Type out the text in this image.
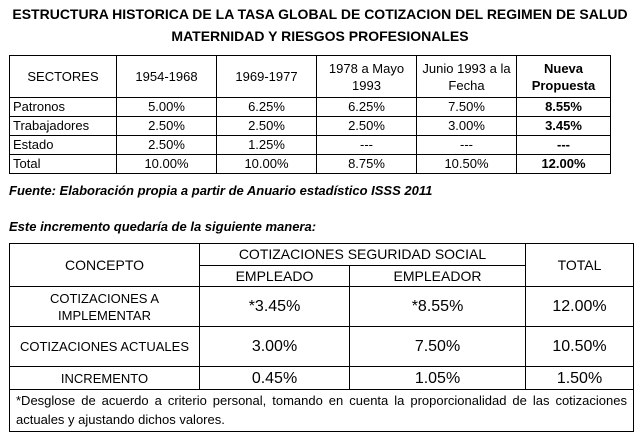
ESTRUCTURA HISTORICA DE LA TASA GLOBAL DE COTIZACION DEL REGIMEN DE SALUD
MATERNIDAD Y RIESGOS PROFESIONALES
SECTORES	1954-1968	1969-1977	1978 a Mayo 1993	Junio 1993 a la Fecha	Nueva Propuesta
Patronos	5.00%	6.25%	6.25%	7.50%	8.55%
Trabajadores	2.50%	2.50%	2.50%	3.00%	3.45%
Estado	2.50%	1.25%	---	---	---
Total	10.00%	10.00%	8.75%	10.50%	12.00%
Fuente: Elaboración propia a partir de Anuario estadístico ISSS 2011
Este incremento quedaría de la siguiente manera:
CONCEPTO	COTIZACIONES SEGURIDAD SOCIAL		TOTAL
	EMPLEADO	EMPLEADOR	
COTIZACIONES A IMPLEMENTAR	*3.45%	*8.55%	12.00%
COTIZACIONES ACTUALES	3.00%	7.50%	10.50%
INCREMENTO	0.45%	1.05%	1.50%
*Desglose de acuerdo a criterio personal, tomando en cuenta la proporcionalidad de las cotizaciones actuales y ajustando dichos valores.			
